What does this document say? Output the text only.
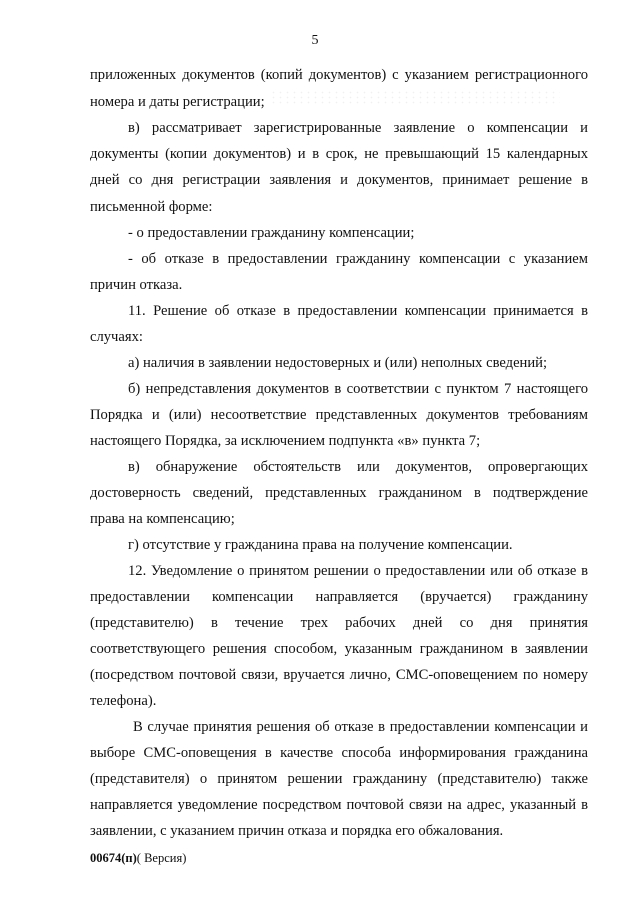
5
приложенных документов (копий документов) с указанием регистрационного
номера и даты регистрации;
в) рассматривает зарегистрированные заявление о компенсации и
документы (копии документов) и в срок, не превышающий 15 календарных
дней со дня регистрации заявления и документов, принимает решение в
письменной форме:
- о предоставлении гражданину компенсации;
- об отказе в предоставлении гражданину компенсации с указанием
причин отказа.
11. Решение об отказе в предоставлении компенсации принимается в
случаях:
а) наличия в заявлении недостоверных и (или) неполных сведений;
б) непредставления документов в соответствии с пунктом 7 настоящего
Порядка и (или) несоответствие представленных документов требованиям
настоящего Порядка, за исключением подпункта «в» пункта 7;
в) обнаружение обстоятельств или документов, опровергающих
достоверность сведений, представленных гражданином в подтверждение
права на компенсацию;
г) отсутствие у гражданина права на получение компенсации.
12. Уведомление о принятом решении о предоставлении или об отказе в
предоставлении компенсации направляется (вручается) гражданину
(представителю) в течение трех рабочих дней со дня принятия
соответствующего решения способом, указанным гражданином в заявлении
(посредством почтовой связи, вручается лично, СМС-оповещением по номеру
телефона).
В случае принятия решения об отказе в предоставлении компенсации и
выборе СМС-оповещения в качестве способа информирования гражданина
(представителя) о принятом решении гражданину (представителю) также
направляется уведомление посредством почтовой связи на адрес, указанный в
заявлении, с указанием причин отказа и порядка его обжалования.
00674(п)( Версия)
